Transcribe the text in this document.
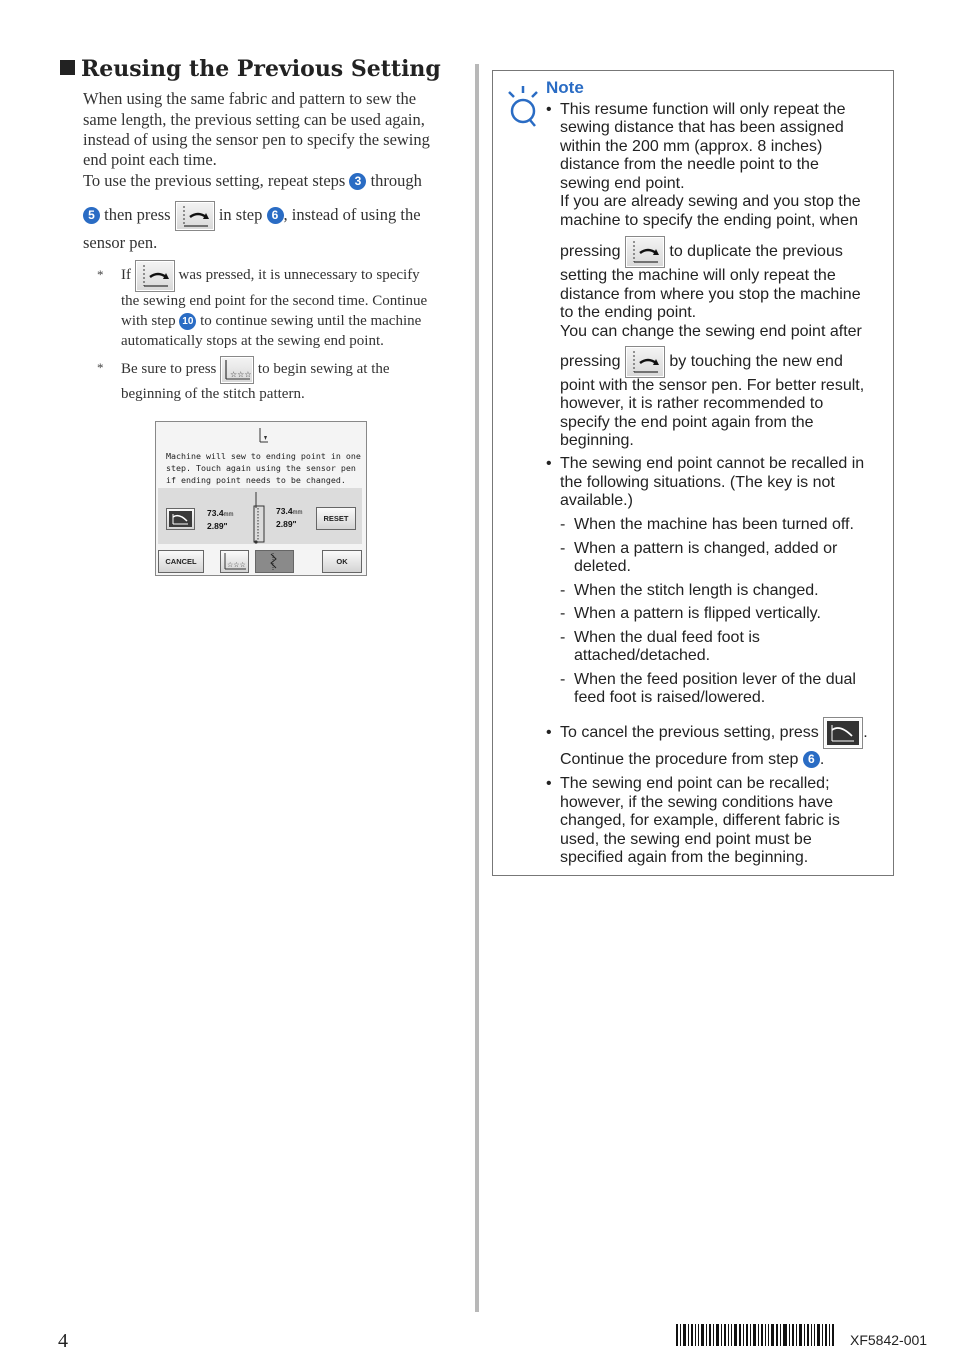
Reusing the Previous Setting
When using the same fabric and pattern to sew the
same length, the previous setting can be used again,
instead of using the sensor pen to specify the sewing
end point each time.
To use the previous setting, repeat steps 3 through
5 then press	in step 6 , instead of using the
sensor pen.
* If	was pressed, it is unnecessary to specify
the sewing end point for the second time. Continue
with step 10 to continue sewing until the machine
automatically stops at the sewing end point.
* Be sure to press ☆☆☆ to begin sewing at the
beginning of the stitch pattern.
Machine will sew to ending point in one
step. Touch again using the sensor pen
if ending point needs to be changed.
73.4mm
2.89"
73.4mm
2.89"
RESET
CANCEL	☆☆☆	OK
Note
• This resume function will only repeat the
sewing distance that has been assigned
within the 200 mm (approx. 8 inches)
distance from the needle point to the
sewing end point.
If you are already sewing and you stop the
machine to specify the ending point, when
pressing	to duplicate the previous
setting the machine will only repeat the
distance from where you stop the machine
to the ending point.
You can change the sewing end point after
pressing	by touching the new end
point with the sensor pen. For better result,
however, it is rather recommended to
specify the end point again from the
beginning.
• The sewing end point cannot be recalled in
the following situations. (The key is not
available.)
- When the machine has been turned off.
- When a pattern is changed, added or
deleted.
- When the stitch length is changed.
- When a pattern is flipped vertically.
- When the dual feed foot is
attached/detached.
- When the feed position lever of the dual
feed foot is raised/lowered.
• To cancel the previous setting, press	.
Continue the procedure from step 6 .
• The sewing end point can be recalled;
however, if the sewing conditions have
changed, for example, different fabric is
used, the sewing end point must be
specified again from the beginning.
4	XF5842-001
